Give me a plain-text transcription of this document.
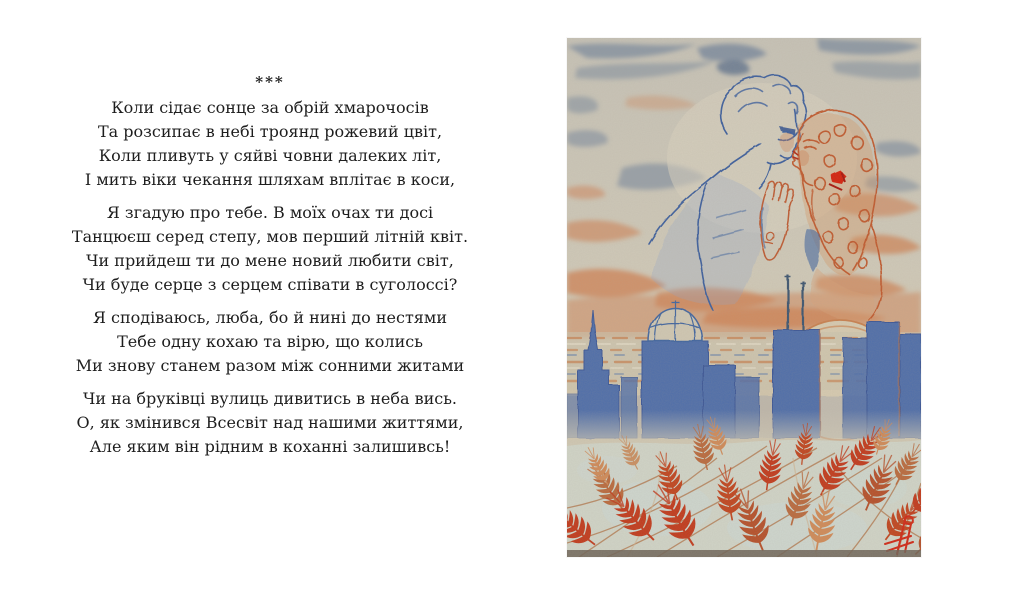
***
Коли сідає сонце за обрій хмарочосів
Та розсипає в небі троянд рожевий цвіт,
Коли пливуть у сяйві човни далеких літ,
І мить віки чекання шляхам вплітає в коси,
Я згадую про тебе. В моїх очах ти досі
Танцюєш серед степу, мов перший літній квіт.
Чи прийдеш ти до мене новий любити світ,
Чи буде серце з серцем співати в суголоссі?
Я сподіваюсь, люба, бо й нині до нестями
Тебе одну кохаю та вірю, що колись
Ми знову станем разом між сонними житами
Чи на бруківці вулиць дивитись в неба вись.
О, як змінився Всесвіт над нашими життями,
Але яким він рідним в коханні залишивсь!
